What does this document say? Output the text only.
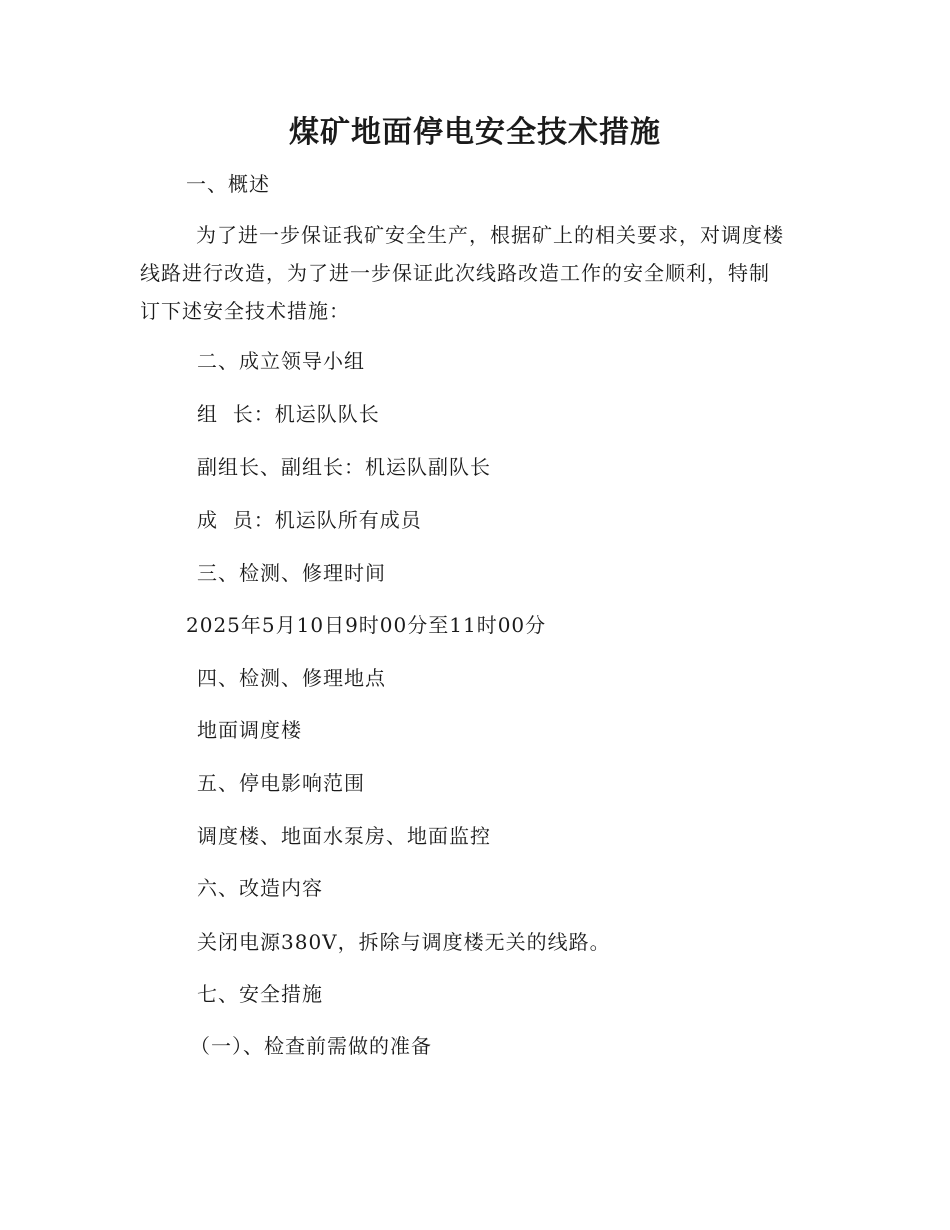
煤矿地面停电安全技术措施
一、概述
为了进一步保证我矿安全生产，根据矿上的相关要求，对调度楼
线路进行改造，为了进一步保证此次线路改造工作的安全顺利，特制
订下述安全技术措施：
二、成立领导小组
组  长：机运队队长
副组长、副组长：机运队副队长
成  员：机运队所有成员
三、检测、修理时间
2025年5月10日9时00分至11时00分
四、检测、修理地点
地面调度楼
五、停电影响范围
调度楼、地面水泵房、地面监控
六、改造内容
关闭电源380V，拆除与调度楼无关的线路。
七、安全措施
（一）、检查前需做的准备
